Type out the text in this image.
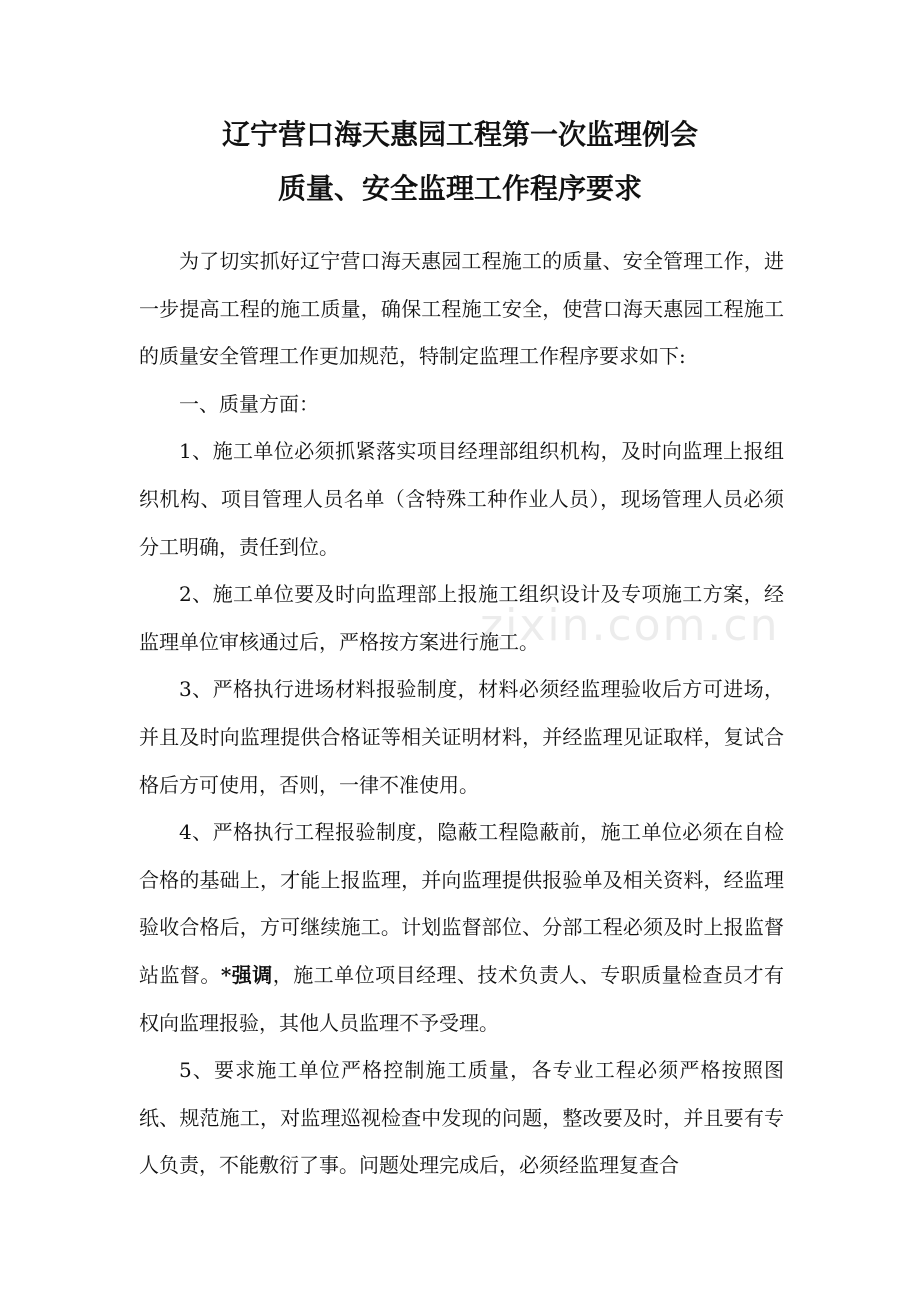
辽宁营口海天惠园工程第一次监理例会
质量、安全监理工作程序要求

为了切实抓好辽宁营口海天惠园工程施工的质量、安全管理工作，进一步提高工程的施工质量，确保工程施工安全，使营口海天惠园工程施工的质量安全管理工作更加规范，特制定监理工作程序要求如下:

一、质量方面：

1、施工单位必须抓紧落实项目经理部组织机构，及时向监理上报组织机构、项目管理人员名单（含特殊工种作业人员），现场管理人员必须分工明确，责任到位。

2、施工单位要及时向监理部上报施工组织设计及专项施工方案，经监理单位审核通过后，严格按方案进行施工。

3、严格执行进场材料报验制度，材料必须经监理验收后方可进场，并且及时向监理提供合格证等相关证明材料，并经监理见证取样，复试合格后方可使用，否则，一律不准使用。

4、严格执行工程报验制度，隐蔽工程隐蔽前，施工单位必须在自检合格的基础上，才能上报监理，并向监理提供报验单及相关资料，经监理验收合格后，方可继续施工。计划监督部位、分部工程必须及时上报监督站监督。*强调，施工单位项目经理、技术负责人、专职质量检查员才有权向监理报验，其他人员监理不予受理。

5、要求施工单位严格控制施工质量，各专业工程必须严格按照图纸、规范施工，对监理巡视检查中发现的问题，整改要及时，并且要有专人负责，不能敷衍了事。问题处理完成后，必须经监理复查合

zixin.com.cn
